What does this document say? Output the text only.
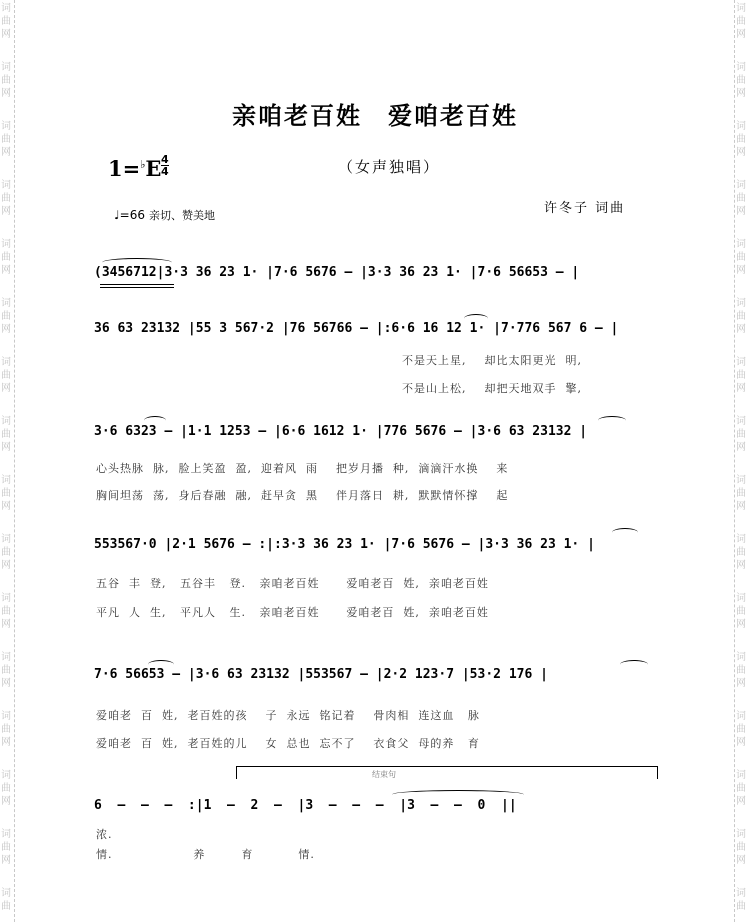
词
曲
网
词
曲
网
词
曲
网
词
曲
网
词
曲
网
词
曲
网
词
曲
网
词
曲
网
词
曲
网
词
曲
网
词
曲
网
词
曲
网
词
曲
网
词
曲
网
词
曲
网
词
曲
词
曲
网
词
曲
网
词
曲
网
词
曲
网
词
曲
网
词
曲
网
词
曲
网
词
曲
网
词
曲
网
词
曲
网
词
曲
网
词
曲
网
词
曲
网
词
曲
网
词
曲
网
词
曲
亲咱老百姓 爱咱老百姓
1=♭E 4
4	（女声独唱）
♩=66 亲切、赞美地	许冬子 词曲
(3456712|3·3 36 23 1· |7·6 5676 – |3·3 36 23 1· |7·6 56653 – |
36 63 23132 |55 3 567·2 |76 56766 – |:6·6 16 12 1· |7·776 567 6 – |
不是天上星,    却比太阳更光  明,
不是山上松,    却把天地双手  擎,
3·6 6323 – |1·1 1253 – |6·6 1612 1· |776 5676 – |3·6 63 23132 |
心头热脉  脉,  脸上笑盈  盈,  迎着风  雨    把岁月播  种,  滴滴汗水换    来
胸间坦荡  荡,  身后春融  融,  赶早贪  黑    伴月落日  耕,  默默情怀撑    起
553567·0 |2·1 5676 – :|:3·3 36 23 1· |7·6 5676 – |3·3 36 23 1· |
五谷  丰  登,   五谷丰   登.   亲咱老百姓      爱咱老百  姓,  亲咱老百姓
平凡  人  生,   平凡人   生.   亲咱老百姓      爱咱老百  姓,  亲咱老百姓
7·6 56653 – |3·6 63 23132 |553567 – |2·2 123·7 |53·2 176 |
爱咱老  百  姓,  老百姓的孩    子  永远  铭记着    骨肉相  连这血   脉
爱咱老  百  姓,  老百姓的儿    女  总也  忘不了    衣食父  母的养   育
结束句
6  –  –  –  :|1  –  2  –  |3  –  –  –  |3  –  –  0  ||
浓.
情.                  养        育          情.
